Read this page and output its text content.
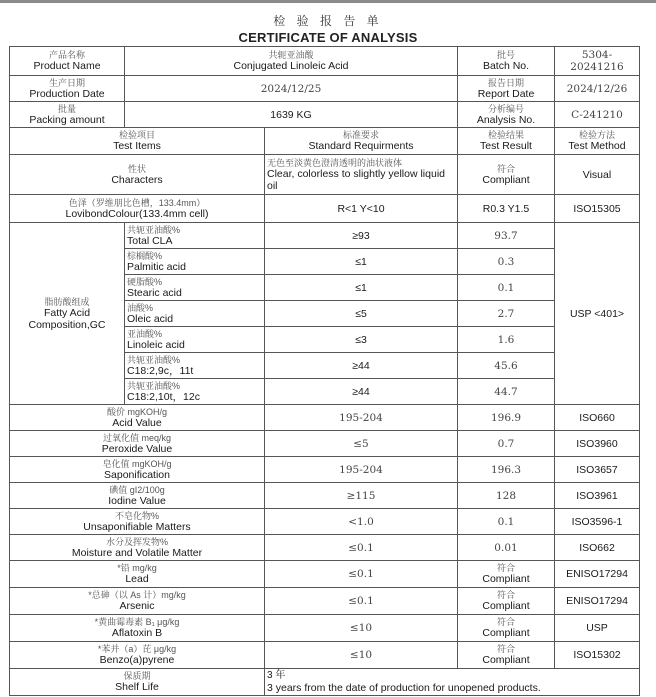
检 验 报 告 单
CERTIFICATE OF ANALYSIS
产品名称
Product Name	共轭亚油酸
Conjugated Linoleic Acid		批号
Batch No.	5304-20241216

生产日期
Production Date	2024/12/25		报告日期
Report Date	2024/12/26

批量
Packing amount	1639 KG		分析编号
Analysis No.	C-241210

检验项目
Test Items		标准要求
Standard Requirments	检验结果
Test Result	检验方法
Test Method

性状
Characters		无色至淡黄色澄清透明的油状液体
Clear, colorless to slightly yellow liquid oil	符合
Compliant	Visual

色泽（罗维朋比色槽，133.4mm）
LovibondColour(133.4mm cell)		R<1 Y<10	R0.3 Y1.5	ISO15305

脂肪酸组成
Fatty Acid Composition,GC	共轭亚油酸%
Total CLA	≥93	93.7	USP <401>

	棕榈酸%
Palmitic acid	≤1	0.3	

	硬脂酸%
Stearic acid	≤1	0.1	

	油酸%
Oleic acid	≤5	2.7	

	亚油酸%
Linoleic acid	≤3	1.6	

	共轭亚油酸%
C18:2,9c，11t	≥44	45.6	

	共轭亚油酸%
C18:2,10t，12c	≥44	44.7	

酸价 mgKOH/g
Acid Value		195-204	196.9	ISO660

过氧化值 meq/kg
Peroxide Value		≤5	0.7	ISO3960

皂化值 mgKOH/g
Saponification		195-204	196.3	ISO3657

碘值 gI2/100g
Iodine Value		≥115	128	ISO3961

不皂化物%
Unsaponifiable Matters		<1.0	0.1	ISO3596-1

水分及挥发物%
Moisture and Volatile Matter		≤0.1	0.01	ISO662

*铅 mg/kg
Lead		≤0.1	符合
Compliant	ENISO17294

*总砷（以 As 计）mg/kg
Arsenic		≤0.1	符合
Compliant	ENISO17294

*黄曲霉毒素 B₁ μg/kg
Aflatoxin B		≤10	符合
Compliant	USP

*苯并（a）芘 μg/kg
Benzo(a)pyrene		≤10	符合
Compliant	ISO15302

保质期
Shelf Life		3 年
3 years from the date of production for unopened products.		
